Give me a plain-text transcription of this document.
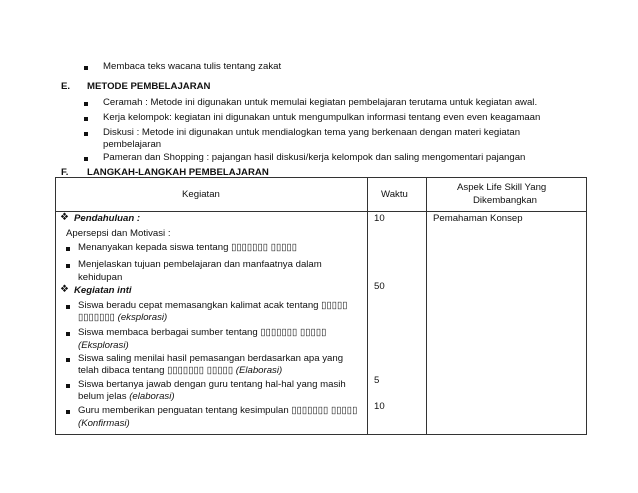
Membaca teks wacana tulis tentang zakat
E. METODE PEMBELAJARAN
Ceramah : Metode ini digunakan untuk memulai kegiatan pembelajaran terutama untuk kegiatan awal.
Kerja kelompok: kegiatan ini digunakan untuk mengumpulkan informasi tentang even even keagamaan
Diskusi : Metode ini digunakan untuk mendialogkan tema yang berkenaan dengan materi kegiatan
pembelajaran
Pameran dan Shopping : pajangan hasil diskusi/kerja kelompok dan saling mengomentari pajangan
F. LANGKAH-LANGKAH PEMBELAJARAN
Kegiatan	Waktu
Aspek Life Skill Yang
Dikembangkan
❖ Pendahuluan :
Apersepsi dan Motivasi :
Menanyakan kepada siswa tentang ▯▯▯▯▯▯▯ ▯▯▯▯▯
Menjelaskan tujuan pembelajaran dan manfaatnya dalam
kehidupan
❖ Kegiatan inti
Siswa beradu cepat memasangkan kalimat acak tentang ▯▯▯▯▯
▯▯▯▯▯▯▯ (eksplorasi)
Siswa membaca berbagai sumber tentang ▯▯▯▯▯▯▯ ▯▯▯▯▯
(Eksplorasi)
Siswa saling menilai hasil pemasangan berdasarkan apa yang
telah dibaca tentang ▯▯▯▯▯▯▯ ▯▯▯▯▯ (Elaborasi)
Siswa bertanya jawab dengan guru tentang hal-hal yang masih
belum jelas (elaborasi)
Guru memberikan penguatan tentang kesimpulan ▯▯▯▯▯▯▯ ▯▯▯▯▯
(Konfirmasi)
10
50
5
10
Pemahaman Konsep
